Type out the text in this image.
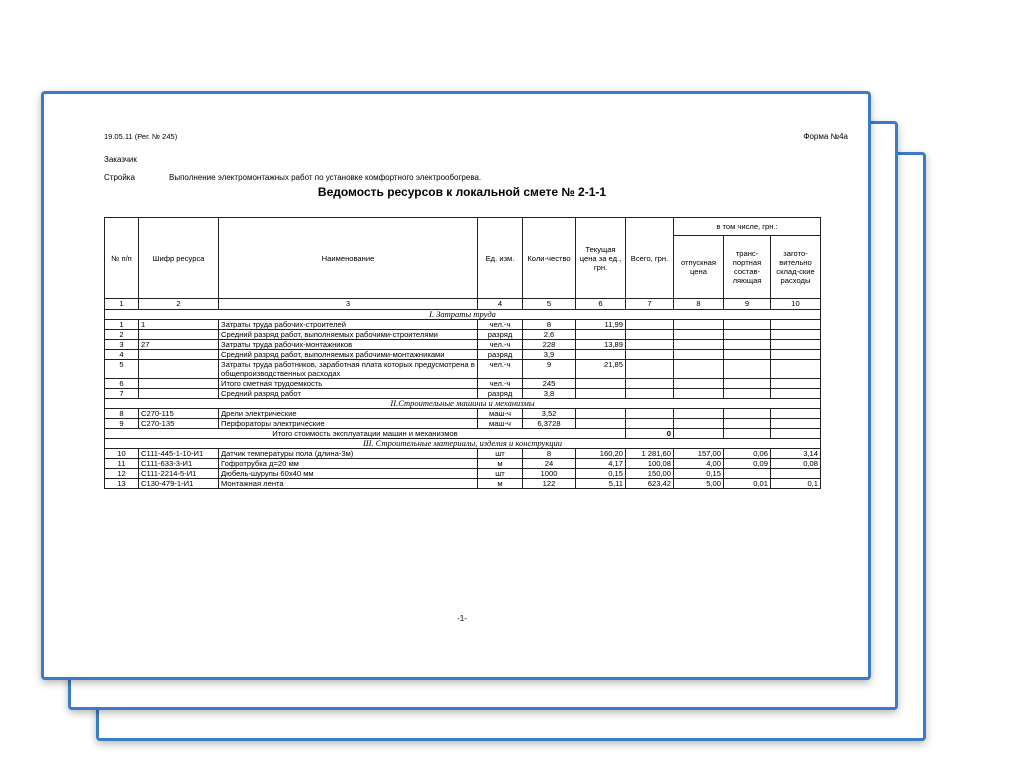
19.05.11 (Рег. № 245)	Форма №4а
Заказчик
Стройка	Выполнение электромонтажных работ по установке комфортного электрообогрева.
Ведомость ресурсов к локальной смете № 2-1-1
№ п/п	Шифр ресурса	Наименование	Ед. изм.	Коли-чество	Текущая цена за ед., грн.	Всего, грн.	в том числе, грн.:		
							отпускная цена	транс-портная состав-ляющая	загото-вительно склад-ские расходы
1	2	3	4	5	6	7	8	9	10
I. Затраты труда									
1	1	Затраты труда рабочих-строителей	чел.-ч	8	11,99				
2		Средний разряд работ, выполняемых рабочими-строителями	разряд	2,6					
3	27	Затраты труда рабочих-монтажников	чел.-ч	228	13,89				
4		Средний разряд работ, выполняемых рабочими-монтажниками	разряд	3,9					
5		Затраты труда работников, заработная плата которых предусмотрена в общепроизводственных расходах	чел.-ч	9	21,85				
6		Итого сметная трудоемкость	чел.-ч	245					
7		Средний разряд работ	разряд	3,8					
II.Строительные машины и механизмы									
8	С270-115	Дрели электрические	маш-ч	3,52					
9	С270-135	Перфораторы электрические	маш-ч	6,3728					
Итого стоимость эксплуатации машин и механизмов						0			
III. Строительные материалы, изделия и конструкции									
10	С111-445-1-10-И1	Датчик температуры пола (длина-3м)	шт	8	160,20	1 281,60	157,00	0,06	3,14
11	С111-633-3-И1	Гофротрубка д=20 мм	м	24	4,17	100,08	4,00	0,09	0,08
12	С111-2214-5-И1	Дюбель-шурупы 60х40 мм	шт	1000	0,15	150,00	0,15		
13	С130-479-1-И1	Монтажная лента	м	122	5,11	623,42	5,00	0,01	0,1
-1-
